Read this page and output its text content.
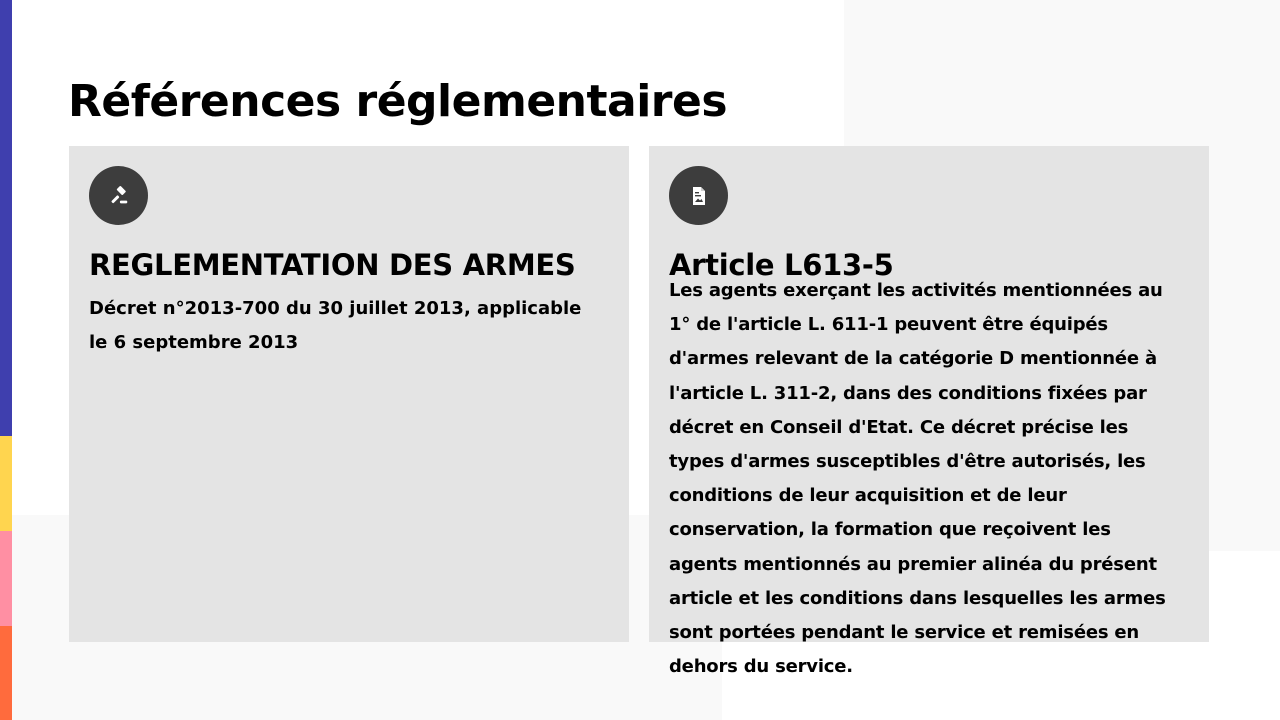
Références réglementaires
REGLEMENTATION DES ARMES

Décret n°2013-700 du 30 juillet 2013, applicable le 6 septembre 2013

Article L613-5

Les agents exerçant les activités mentionnées au 1° de l'article L. 611-1 peuvent être équipés d'armes relevant de la catégorie D mentionnée à l'article L. 311-2, dans des conditions fixées par décret en Conseil d'Etat. Ce décret précise les types d'armes susceptibles d'être autorisés, les conditions de leur acquisition et de leur conservation, la formation que reçoivent les agents mentionnés au premier alinéa du présent article et les conditions dans lesquelles les armes sont portées pendant le service et remisées en dehors du service.
